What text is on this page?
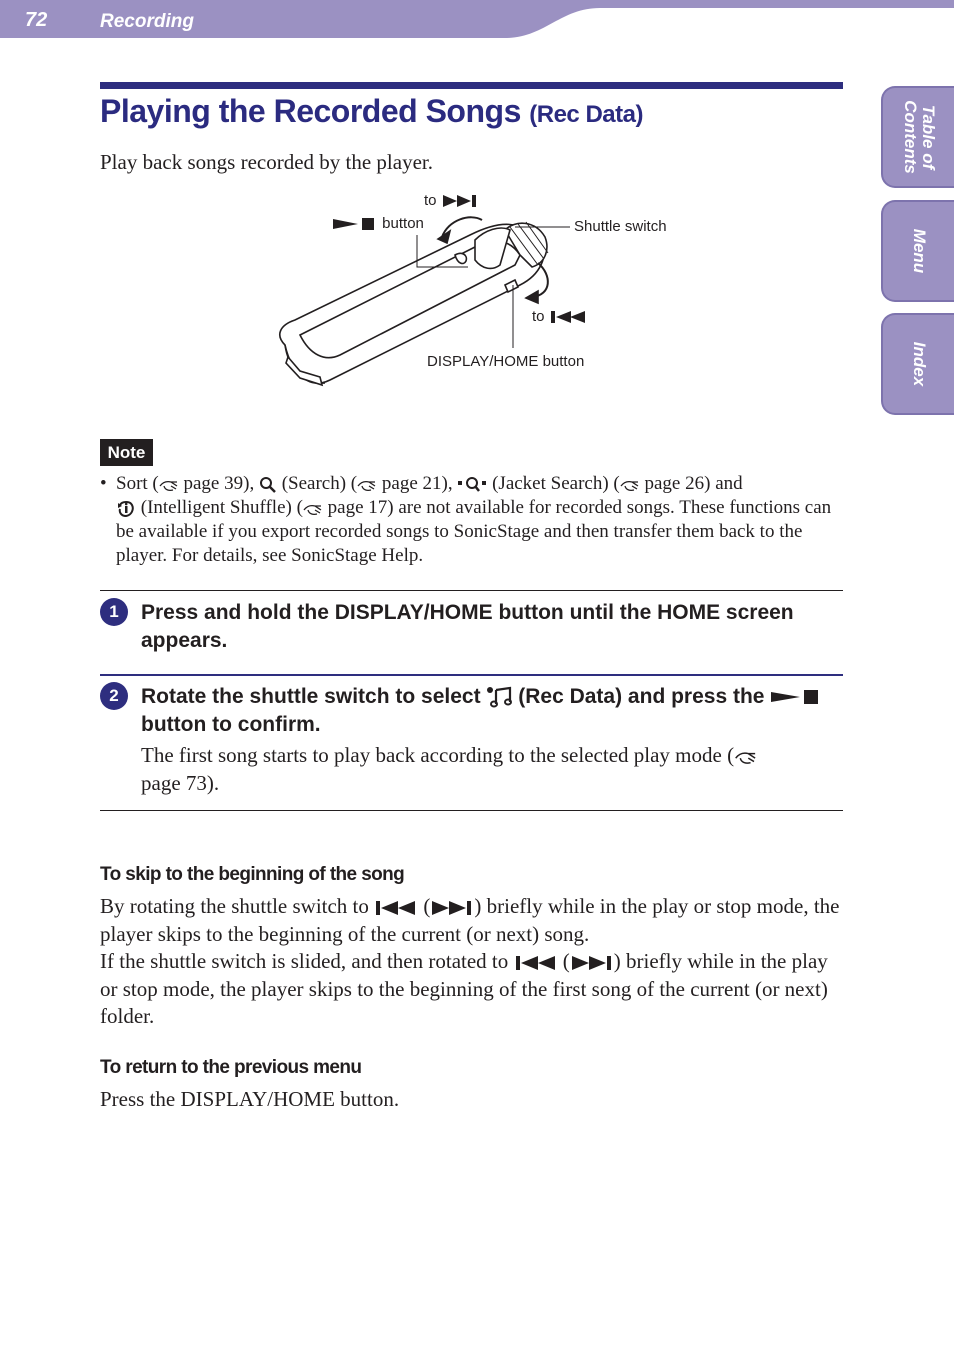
72	Recording
Table of
Contents
Menu
Index
Playing the Recorded Songs (Rec Data)
Play back songs recorded by the player.
to
button	Shuttle switch
to
DISPLAY/HOME button
Note
• Sort ( page 39),  (Search) ( page 21),  (Jacket Search) ( page 26) and
(Intelligent Shuffle) ( page 17) are not available for recorded songs. These functions can be available if you export recorded songs to SonicStage and then transfer them back to the player. For details, see SonicStage Help.
1	Press and hold the DISPLAY/HOME button until the HOME screen appears.
2	Rotate the shuttle switch to select  (Rec Data) and press the  button to confirm.
The first song starts to play back according to the selected play mode (
page 73).
To skip to the beginning of the song
By rotating the shuttle switch to  ( ) briefly while in the play or stop mode, the player skips to the beginning of the current (or next) song.
If the shuttle switch is slided, and then rotated to  ( ) briefly while in the play or stop mode, the player skips to the beginning of the first song of the current (or next) folder.
To return to the previous menu
Press the DISPLAY/HOME button.
